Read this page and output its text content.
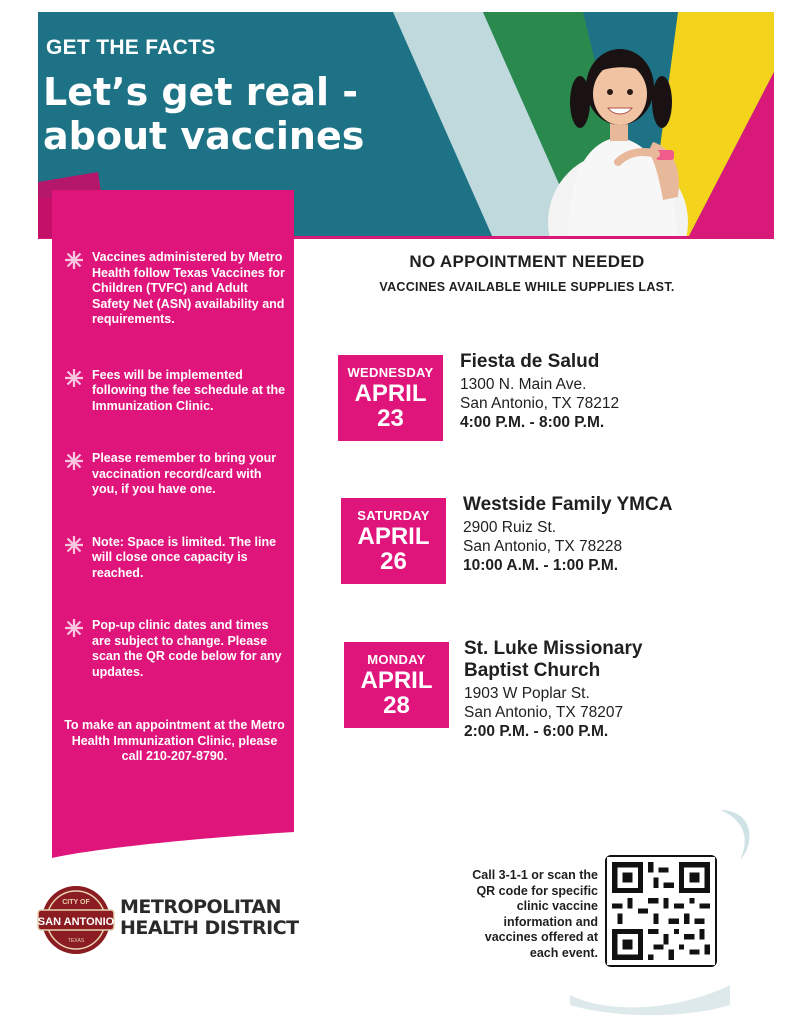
GET THE FACTS
Let’s get real - about vaccines
Vaccines administered by Metro Health follow Texas Vaccines for Children (TVFC) and Adult Safety Net (ASN) availability and requirements.
Fees will be implemented following the fee schedule at the Immunization Clinic.
Please remember to bring your vaccination record/card with you, if you have one.
Note: Space is limited. The line will close once capacity is reached.
Pop-up clinic dates and times are subject to change. Please scan the QR code below for any updates.
To make an appointment at the Metro Health Immunization Clinic, please call 210-207-8790.
NO APPOINTMENT NEEDED
VACCINES AVAILABLE WHILE SUPPLIES LAST.
WEDNESDAY
APRIL
23
Fiesta de Salud
1300 N. Main Ave.
San Antonio, TX 78212
4:00 P.M. - 8:00 P.M.
SATURDAY
APRIL
26
Westside Family YMCA
2900 Ruiz St.
San Antonio, TX 78228
10:00 A.M. - 1:00 P.M.
MONDAY
APRIL
28
St. Luke Missionary Baptist Church
1903 W Poplar St.
San Antonio, TX 78207
2:00 P.M. - 6:00 P.M.
CITY OF
SAN ANTONIO
TEXAS
METROPOLITAN
HEALTH DISTRICT
Call 3-1-1 or scan the QR code for specific clinic vaccine information and vaccines offered at each event.
